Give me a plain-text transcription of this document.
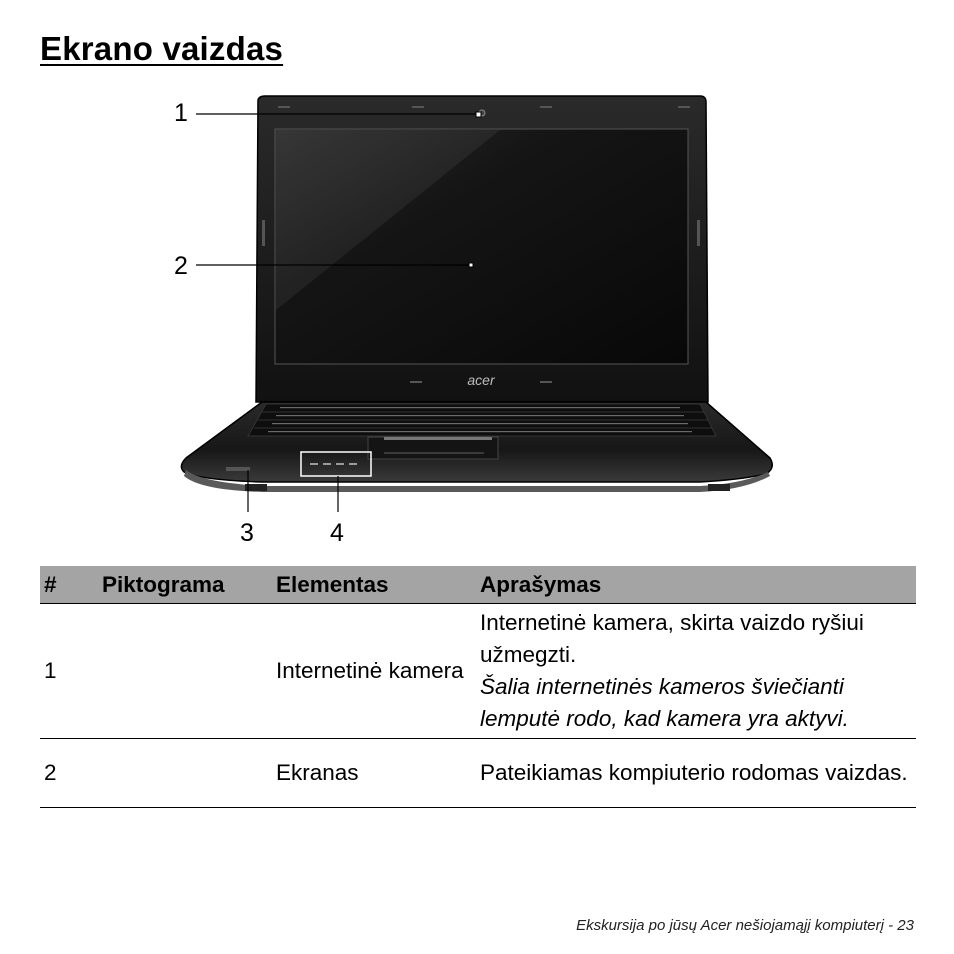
Ekrano vaizdas
acer
1
2
3	4
#	Piktograma	Elementas	Aprašymas
1		Internetinė kamera	Internetinė kamera, skirta vaizdo ryšiui užmegzti.
Šalia internetinės kameros šviečianti lemputė rodo, kad kamera yra aktyvi.

2		Ekranas	Pateikiamas kompiuterio rodomas vaizdas.
Ekskursija po jūsų Acer nešiojamąjį kompiuterį - 23
